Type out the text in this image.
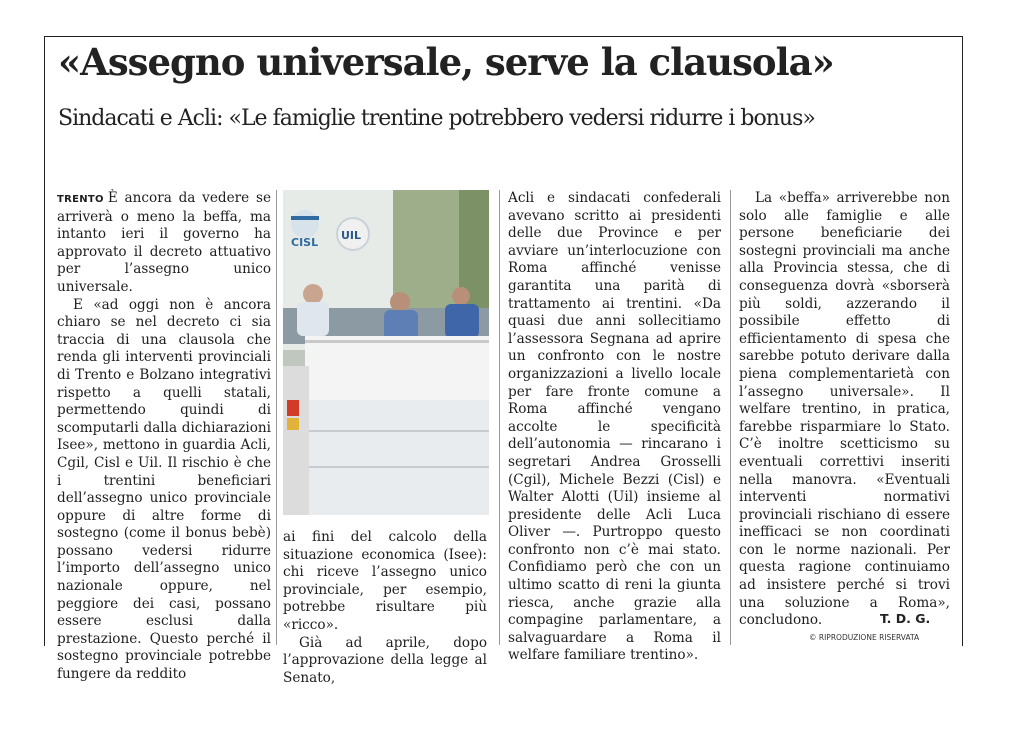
«Assegno universale, serve la clausola»
Sindacati e Acli: «Le famiglie trentine potrebbero vedersi ridurre i bonus»

TRENTO È ancora da vedere se arriverà o meno la beffa, ma intanto ieri il governo ha approvato il decreto attuativo per l’assegno unico universale.

E «ad oggi non è ancora chiaro se nel decreto ci sia traccia di una clausola che renda gli interventi provinciali di Trento e Bolzano integrativi rispetto a quelli statali, permettendo quindi di scomputarli dalla dichiarazioni Isee», mettono in guardia Acli, Cgil, Cisl e Uil. Il rischio è che i trentini beneficiari dell’assegno unico provinciale oppure di altre forme di sostegno (come il bonus bebè) possano vedersi ridurre l’importo dell’assegno unico nazionale oppure, nel peggiore dei casi, possano essere esclusi dalla prestazione. Questo perché il sostegno provinciale potrebbe fungere da reddito

CISL
UIL

ai fini del calcolo della situazione economica (Isee): chi riceve l’assegno unico provinciale, per esempio, potrebbe risultare più «ricco».

Già ad aprile, dopo l’approvazione della legge al Senato,

Acli e sindacati confederali avevano scritto ai presidenti delle due Province e per avviare un’interlocuzione con Roma affinché venisse garantita una parità di trattamento ai trentini. «Da quasi due anni sollecitiamo l’assessora Segnana ad aprire un confronto con le nostre organizzazioni a livello locale per fare fronte comune a Roma affinché vengano accolte le specificità dell’autonomia — rincarano i segretari Andrea Grosselli (Cgil), Michele Bezzi (Cisl) e Walter Alotti (Uil) insieme al presidente delle Acli Luca Oliver —. Purtroppo questo confronto non c’è mai stato. Confidiamo però che con un ultimo scatto di reni la giunta riesca, anche grazie alla compagine parlamentare, a salvaguardare a Roma il welfare familiare trentino».

La «beffa» arriverebbe non solo alle famiglie e alle persone beneficiarie dei sostegni provinciali ma anche alla Provincia stessa, che di conseguenza dovrà «sborserà più soldi, azzerando il possibile effetto di efficientamento di spesa che sarebbe potuto derivare dalla piena complementarietà con l’assegno universale». Il welfare trentino, in pratica, farebbe risparmiare lo Stato. C’è inoltre scetticismo su eventuali correttivi inseriti nella manovra. «Eventuali interventi normativi provinciali rischiano di essere inefficaci se non coordinati con le norme nazionali. Per questa ragione continuiamo ad insistere perché si trovi una soluzione a Roma», concludono.	T. D. G.
© RIPRODUZIONE RISERVATA
